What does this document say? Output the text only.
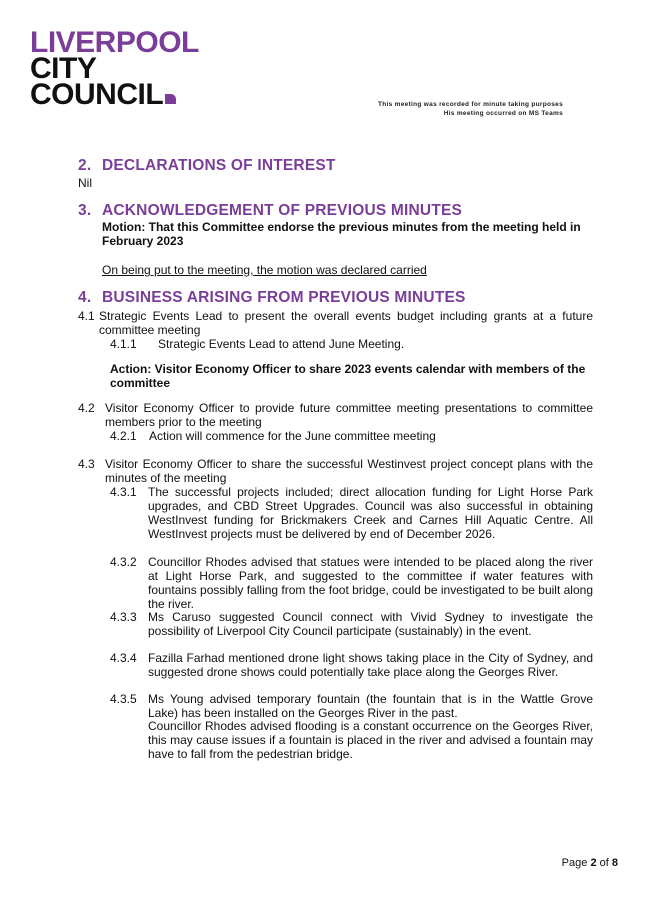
LIVERPOOL
CITY
COUNCIL	This meeting was recorded for minute taking purposes
His meeting occurred on MS Teams
2. DECLARATIONS OF INTEREST
Nil
3. ACKNOWLEDGEMENT OF PREVIOUS MINUTES
Motion: That this Committee endorse the previous minutes from the meeting held in February 2023
On being put to the meeting, the motion was declared carried
4. BUSINESS ARISING FROM PREVIOUS MINUTES
4.1 Strategic Events Lead to present the overall events budget including grants at a future committee meeting
4.1.1 Strategic Events Lead to attend June Meeting.
Action: Visitor Economy Officer to share 2023 events calendar with members of the committee
4.2 Visitor Economy Officer to provide future committee meeting presentations to committee members prior to the meeting
4.2.1 Action will commence for the June committee meeting
4.3 Visitor Economy Officer to share the successful Westinvest project concept plans with the minutes of the meeting
4.3.1 The successful projects included; direct allocation funding for Light Horse Park upgrades, and CBD Street Upgrades. Council was also successful in obtaining WestInvest funding for Brickmakers Creek and Carnes Hill Aquatic Centre. All WestInvest projects must be delivered by end of December 2026.
4.3.2 Councillor Rhodes advised that statues were intended to be placed along the river at Light Horse Park, and suggested to the committee if water features with fountains possibly falling from the foot bridge, could be investigated to be built along the river.
4.3.3 Ms Caruso suggested Council connect with Vivid Sydney to investigate the possibility of Liverpool City Council participate (sustainably) in the event.
4.3.4 Fazilla Farhad mentioned drone light shows taking place in the City of Sydney, and suggested drone shows could potentially take place along the Georges River.
4.3.5 Ms Young advised temporary fountain (the fountain that is in the Wattle Grove Lake) has been installed on the Georges River in the past.
Councillor Rhodes advised flooding is a constant occurrence on the Georges River, this may cause issues if a fountain is placed in the river and advised a fountain may have to fall from the pedestrian bridge.
Page 2 of 8
